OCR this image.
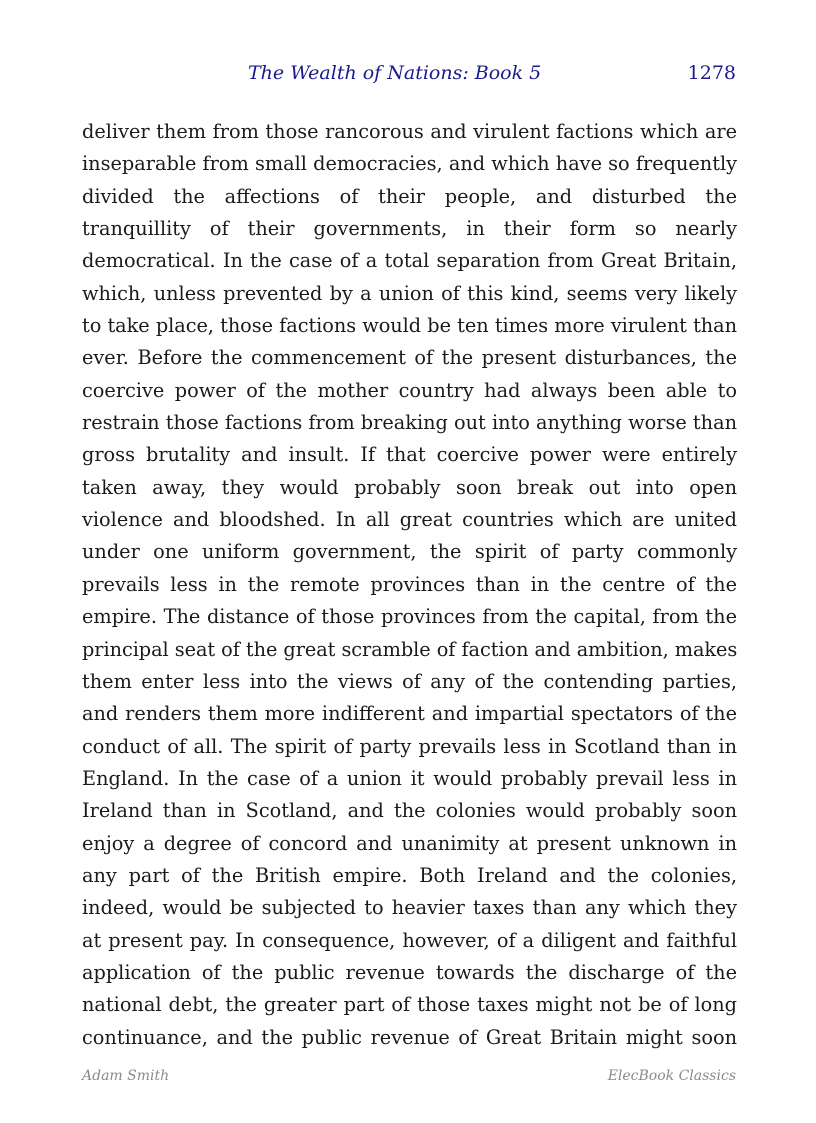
The Wealth of Nations: Book 5	1278
deliver them from those rancorous and virulent factions which are
inseparable from small democracies, and which have so frequently
divided the affections of their people, and disturbed the
tranquillity of their governments, in their form so nearly
democratical. In the case of a total separation from Great Britain,
which, unless prevented by a union of this kind, seems very likely
to take place, those factions would be ten times more virulent than
ever. Before the commencement of the present disturbances, the
coercive power of the mother country had always been able to
restrain those factions from breaking out into anything worse than
gross brutality and insult. If that coercive power were entirely
taken away, they would probably soon break out into open
violence and bloodshed. In all great countries which are united
under one uniform government, the spirit of party commonly
prevails less in the remote provinces than in the centre of the
empire. The distance of those provinces from the capital, from the
principal seat of the great scramble of faction and ambition, makes
them enter less into the views of any of the contending parties,
and renders them more indifferent and impartial spectators of the
conduct of all. The spirit of party prevails less in Scotland than in
England. In the case of a union it would probably prevail less in
Ireland than in Scotland, and the colonies would probably soon
enjoy a degree of concord and unanimity at present unknown in
any part of the British empire. Both Ireland and the colonies,
indeed, would be subjected to heavier taxes than any which they
at present pay. In consequence, however, of a diligent and faithful
application of the public revenue towards the discharge of the
national debt, the greater part of those taxes might not be of long
continuance, and the public revenue of Great Britain might soon
Adam Smith	ElecBook Classics
